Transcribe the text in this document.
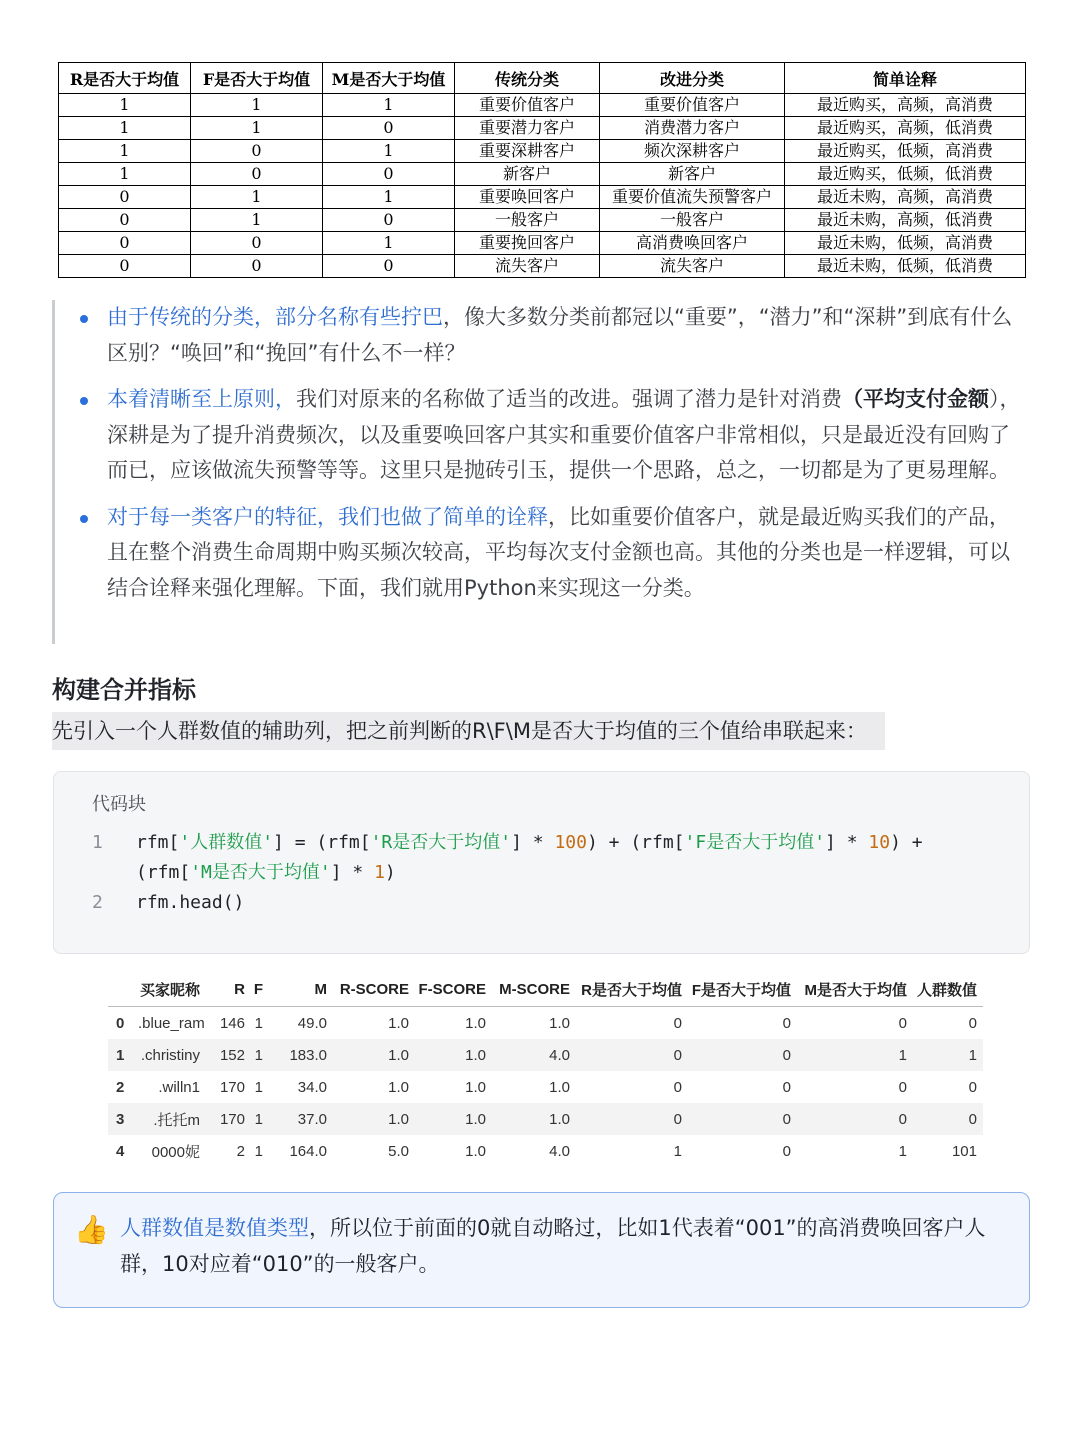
R是否大于均值	F是否大于均值	M是否大于均值	传统分类	改进分类	简单诠释
1	1	1	重要价值客户	重要价值客户	最近购买，高频，高消费
1	1	0	重要潜力客户	消费潜力客户	最近购买，高频，低消费
1	0	1	重要深耕客户	频次深耕客户	最近购买，低频，高消费
1	0	0	新客户	新客户	最近购买，低频，低消费
0	1	1	重要唤回客户	重要价值流失预警客户	最近未购，高频，高消费
0	1	0	一般客户	一般客户	最近未购，高频，低消费
0	0	1	重要挽回客户	高消费唤回客户	最近未购，低频，高消费
0	0	0	流失客户	流失客户	最近未购，低频，低消费
由于传统的分类，部分名称有些拧巴，像大多数分类前都冠以“重要”，“潜力”和“深耕”到底有什么区别？“唤回”和“挽回”有什么不一样？
本着清晰至上原则，我们对原来的名称做了适当的改进。强调了潜力是针对消费（平均支付金额），深耕是为了提升消费频次，以及重要唤回客户其实和重要价值客户非常相似，只是最近没有回购了而已，应该做流失预警等等。这里只是抛砖引玉，提供一个思路，总之，一切都是为了更易理解。
对于每一类客户的特征，我们也做了简单的诠释，比如重要价值客户，就是最近购买我们的产品，且在整个消费生命周期中购买频次较高，平均每次支付金额也高。其他的分类也是一样逻辑，可以结合诠释来强化理解。下面，我们就用Python来实现这一分类。
构建合并指标
先引入一个人群数值的辅助列，把之前判断的R\F\M是否大于均值的三个值给串联起来：
代码块
1 rfm['人群数值'] = (rfm['R是否大于均值'] * 100) + (rfm['F是否大于均值'] * 10) +
(rfm['M是否大于均值'] * 1)
2 rfm.head()
	买家昵称	R	F	M	R-SCORE	F-SCORE	M-SCORE	R是否大于均值	F是否大于均值	M是否大于均值	人群数值
0	.blue_ram	146	1	49.0	1.0	1.0	1.0	0	0	0	0
1	.christiny	152	1	183.0	1.0	1.0	4.0	0	0	1	1
2	.willn1	170	1	34.0	1.0	1.0	1.0	0	0	0	0
3	.托托m	170	1	37.0	1.0	1.0	1.0	0	0	0	0
4	0000妮	2	1	164.0	5.0	1.0	4.0	1	0	1	101
👍 人群数值是数值类型，所以位于前面的0就自动略过，比如1代表着“001”的高消费唤回客户人群，10对应着“010”的一般客户。
